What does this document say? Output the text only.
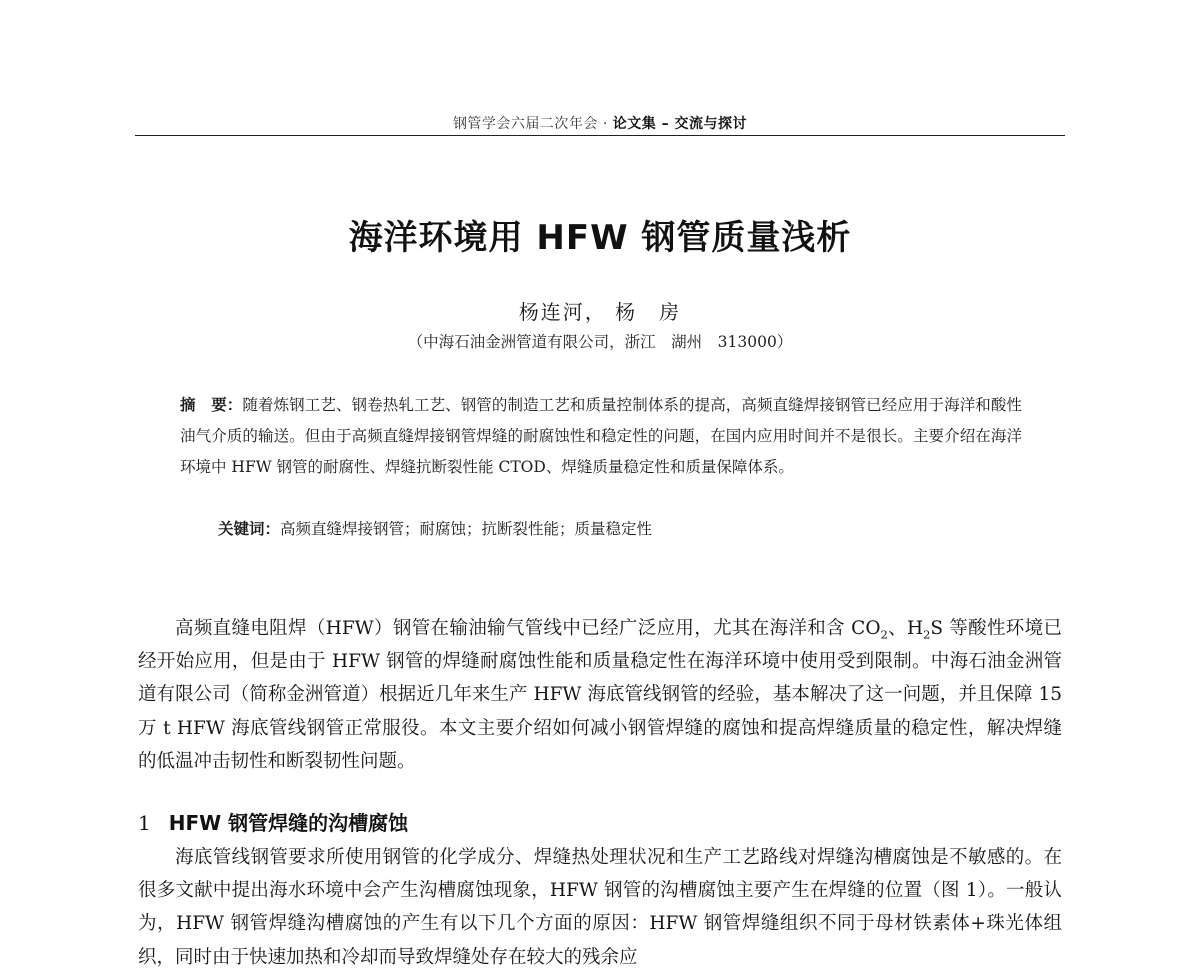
钢管学会六届二次年会 · 论文集 – 交流与探讨
海洋环境用 HFW 钢管质量浅析
杨连河， 杨　房
（中海石油金洲管道有限公司，浙江　湖州　313000）
摘　要：随着炼钢工艺、钢卷热轧工艺、钢管的制造工艺和质量控制体系的提高，高频直缝焊接钢管已经应用于海洋和酸性油气介质的输送。但由于高频直缝焊接钢管焊缝的耐腐蚀性和稳定性的问题，在国内应用时间并不是很长。主要介绍在海洋环境中 HFW 钢管的耐腐性、焊缝抗断裂性能 CTOD、焊缝质量稳定性和质量保障体系。
关键词：高频直缝焊接钢管；耐腐蚀；抗断裂性能；质量稳定性

高频直缝电阻焊（HFW）钢管在输油输气管线中已经广泛应用，尤其在海洋和含 $CO_2$、$H_2S$ 等酸性环境已经开始应用，但是由于 HFW 钢管的焊缝耐腐蚀性能和质量稳定性在海洋环境中使用受到限制。中海石油金洲管道有限公司（简称金洲管道）根据近几年来生产 HFW 海底管线钢管的经验，基本解决了这一问题，并且保障 15 万 t HFW 海底管线钢管正常服役。本文主要介绍如何减小钢管焊缝的腐蚀和提高焊缝质量的稳定性，解决焊缝的低温冲击韧性和断裂韧性问题。

1 HFW 钢管焊缝的沟槽腐蚀

海底管线钢管要求所使用钢管的化学成分、焊缝热处理状况和生产工艺路线对焊缝沟槽腐蚀是不敏感的。在很多文献中提出海水环境中会产生沟槽腐蚀现象，HFW 钢管的沟槽腐蚀主要产生在焊缝的位置（图 1）。一般认为，HFW 钢管焊缝沟槽腐蚀的产生有以下几个方面的原因：HFW 钢管焊缝组织不同于母材铁素体+珠光体组织，同时由于快速加热和冷却而导致焊缝处存在较大的残余应
